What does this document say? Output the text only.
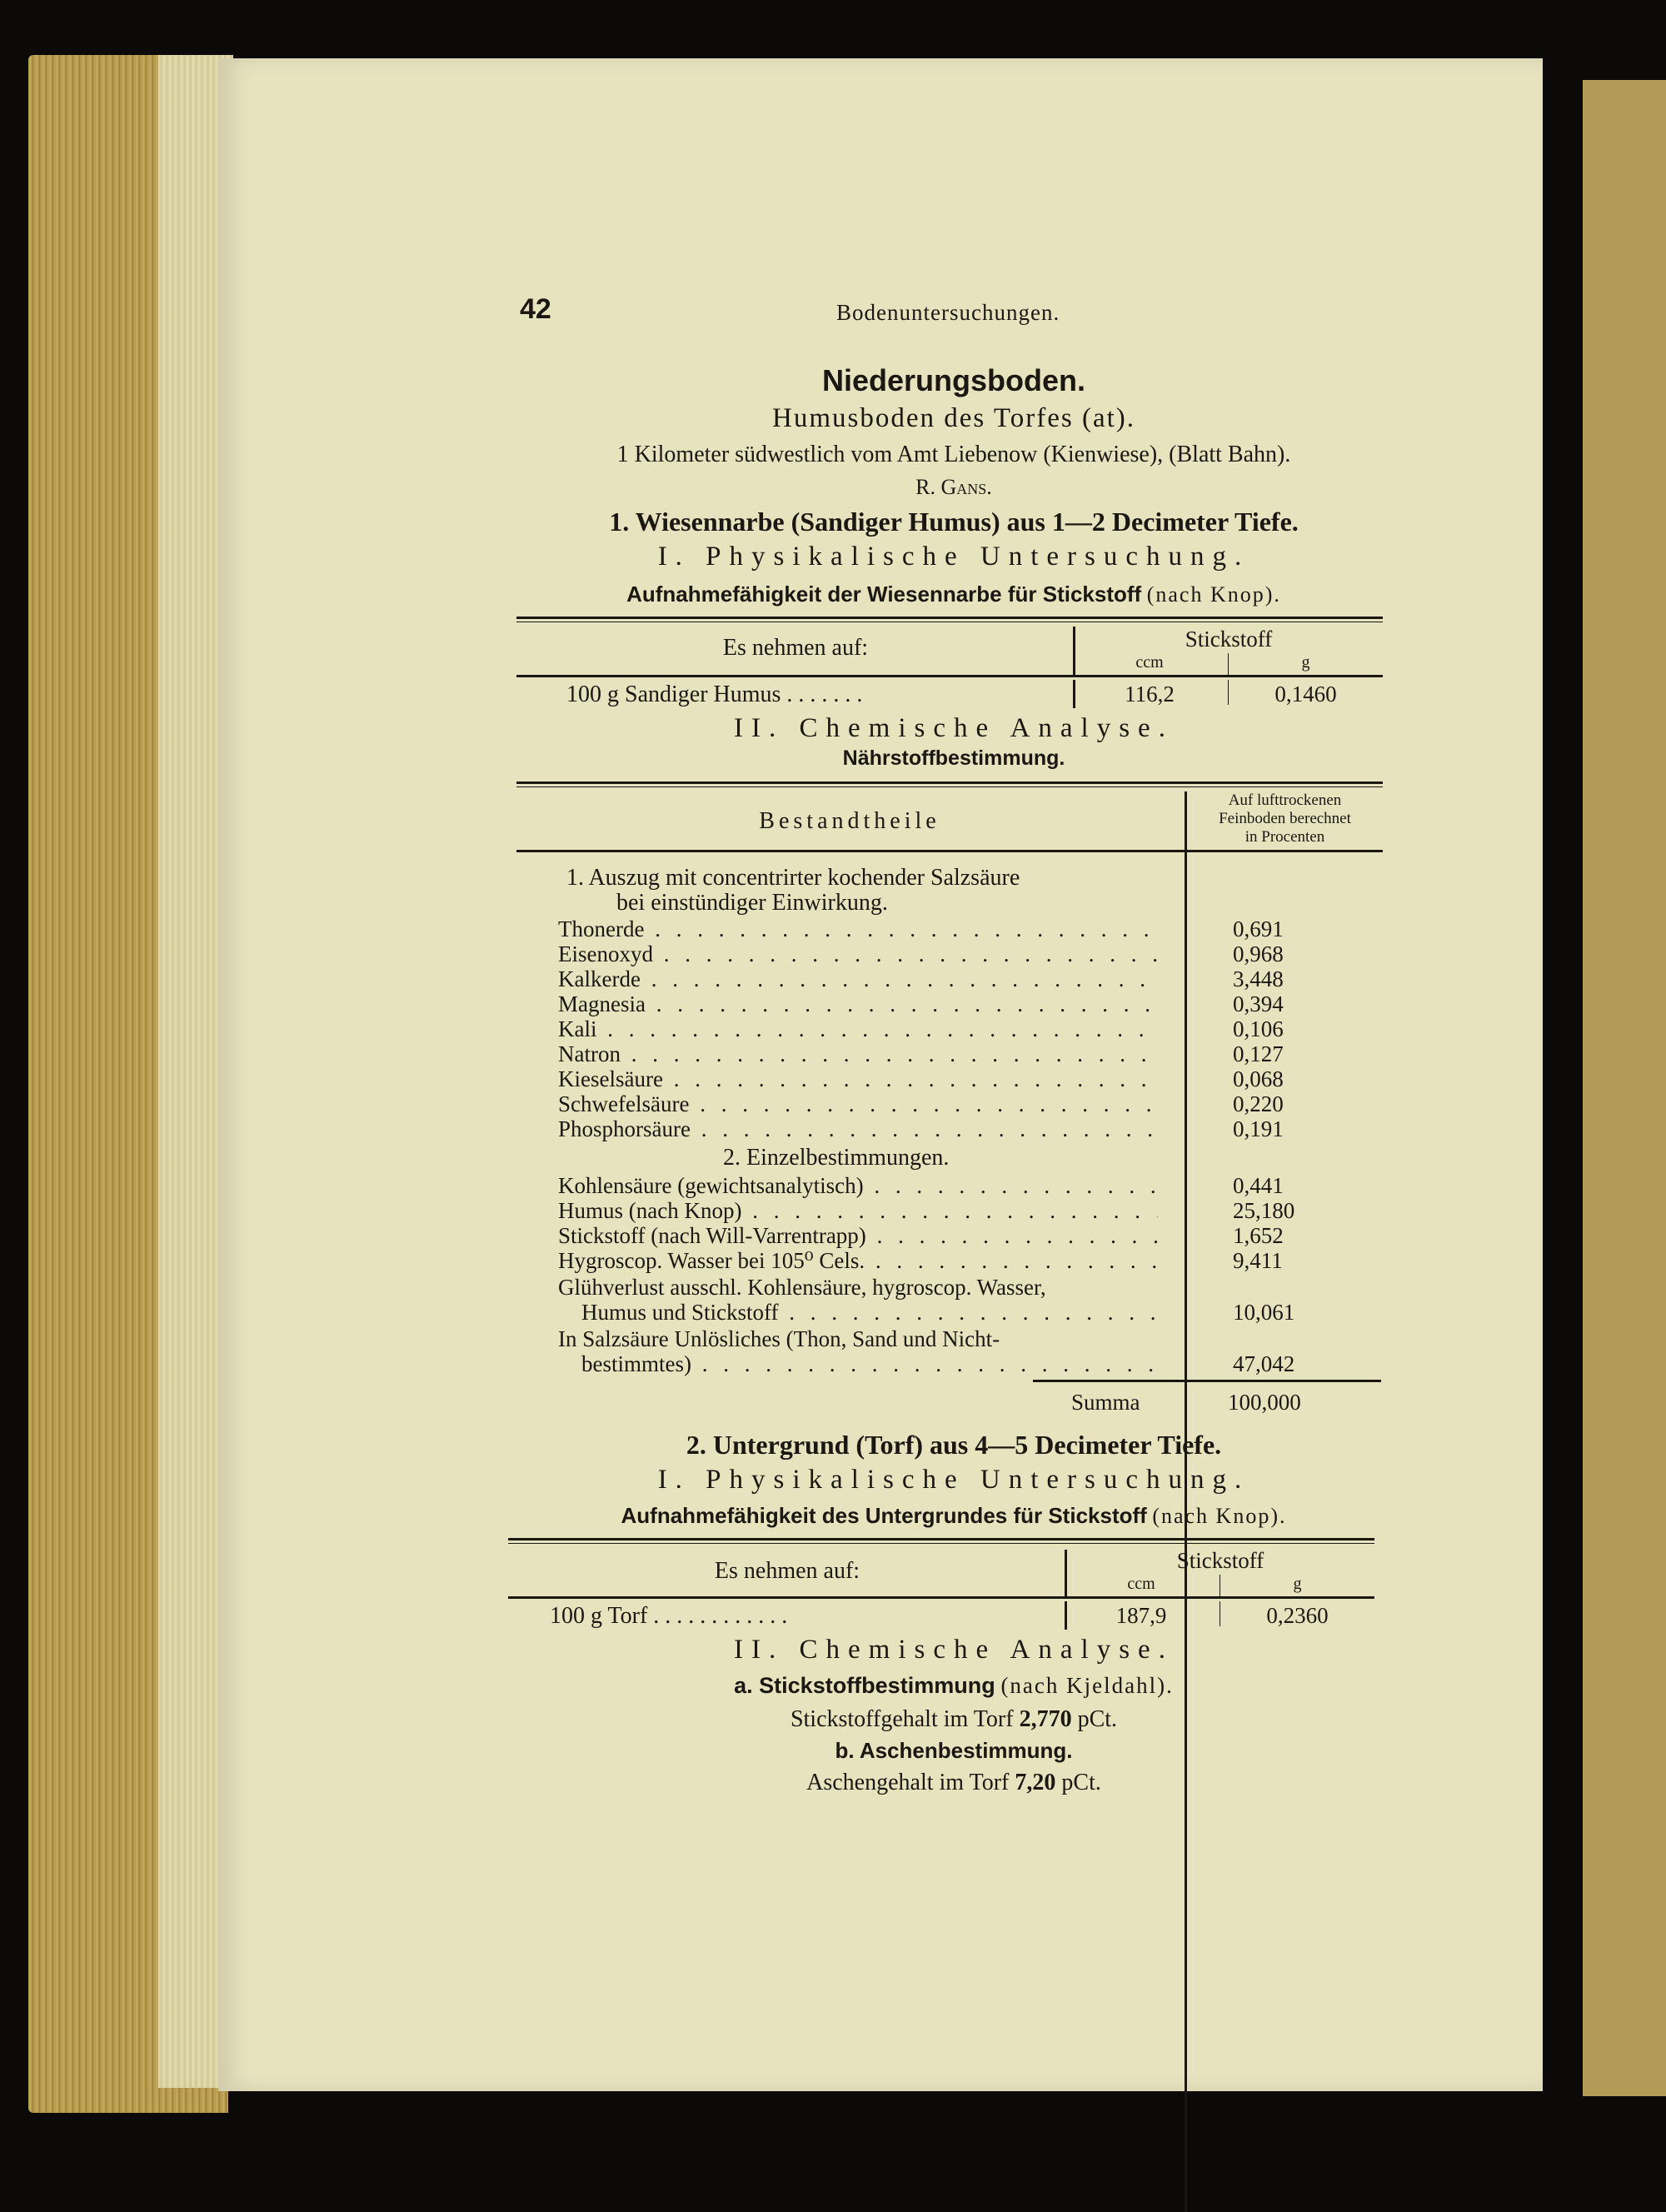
42	Bodenuntersuchungen.
Niederungsboden.
Humusboden des Torfes (at).
1 Kilometer südwestlich vom Amt Liebenow (Kienwiese), (Blatt Bahn).
R. Gans.
1. Wiesennarbe (Sandiger Humus) aus 1—2 Decimeter Tiefe.
I. Physikalische Untersuchung.
Aufnahmefähigkeit der Wiesennarbe für Stickstoff (nach Knop).
Es nehmen auf:	Stickstoff
ccm	g
100 g Sandiger Humus . . . . . . .	116,2	0,1460
II. Chemische Analyse.
Nährstoffbestimmung.
Bestandtheile
Auf lufttrockenen
Feinboden berechnet
in Procenten
1. Auszug mit concentrirter kochender Salzsäure
bei einstündiger Einwirkung.
Thonerde . . .	0,691
Eisenoxyd . . .	0,968
Kalkerde . . .	3,448
Magnesia . . .	0,394
Kali . . .	0,106
Natron . . .	0,127
Kieselsäure . . .	0,068
Schwefelsäure . . .	0,220
Phosphorsäure . . .	0,191
2. Einzelbestimmungen.
Kohlensäure (gewichtsanalytisch) . . .	0,441
Humus (nach Knop) . . .	25,180
Stickstoff (nach Will-Varrentrapp) . . .	1,652
Hygroscop. Wasser bei 105⁰ Cels. . . .	9,411
Glühverlust ausschl. Kohlensäure, hygroscop. Wasser,
Humus und Stickstoff . . .	10,061
In Salzsäure Unlösliches (Thon, Sand und Nicht-
bestimmtes) . . .	47,042
Summa	100,000
2. Untergrund (Torf) aus 4—5 Decimeter Tiefe.
I. Physikalische Untersuchung.
Aufnahmefähigkeit des Untergrundes für Stickstoff (nach Knop).
Es nehmen auf:	Stickstoff
ccm	g
100 g Torf . . . . . . . . . . . .	187,9	0,2360
II. Chemische Analyse.
a. Stickstoffbestimmung (nach Kjeldahl).
Stickstoffgehalt im Torf 2,770 pCt.
b. Aschenbestimmung.
Aschengehalt im Torf 7,20 pCt.
